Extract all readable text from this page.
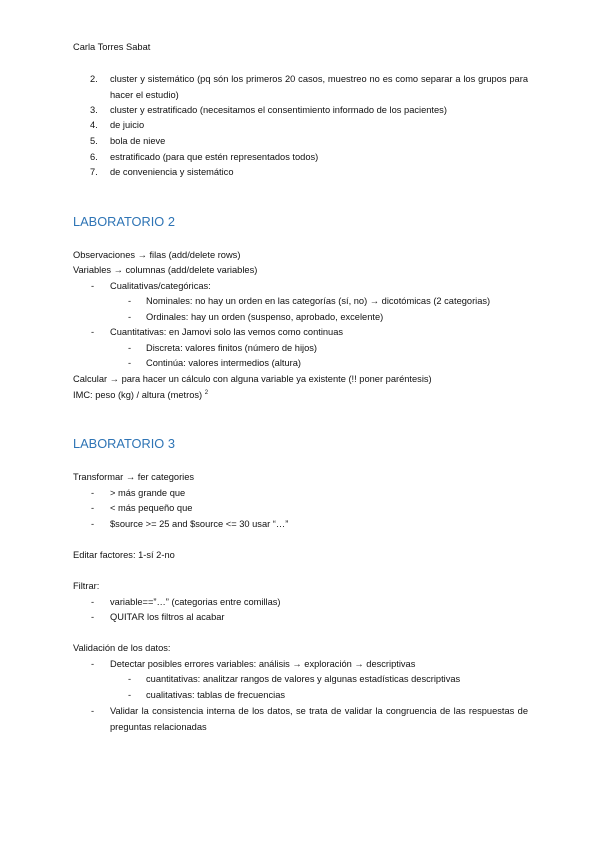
Carla Torres Sabat
2.	cluster y sistemático (pq són los primeros 20 casos, muestreo no es como separar a los grupos para hacer el estudio)
3.	cluster y estratificado (necesitamos el consentimiento informado de los pacientes)
4.	de juicio
5.	bola de nieve
6.	estratificado (para que estén representados todos)
7.	de conveniencia y sistemático
LABORATORIO 2
Observaciones → filas (add/delete rows)
Variables → columnas (add/delete variables)
- Cualitativas/categóricas:
- Nominales: no hay un orden en las categorías (sí, no) → dicotómicas (2 categorias)
- Ordinales: hay un orden (suspenso, aprobado, excelente)
- Cuantitativas: en Jamovi solo las vemos como continuas
- Discreta: valores finitos (número de hijos)
- Continúa: valores intermedios (altura)
Calcular → para hacer un cálculo con alguna variable ya existente (!! poner paréntesis)
IMC: peso (kg) / altura (metros) $^2$
LABORATORIO 3
Transformar → fer categories
- > más grande que
- < más pequeño que
- $source >= 25 and $source <= 30 usar “…”
Editar factores: 1-sí 2-no
Filtrar:
- variable==”…” (categorias entre comillas)
- QUITAR los filtros al acabar
Validación de los datos:
- Detectar posibles errores variables: análisis → exploración → descriptivas
- cuantitativas: analitzar rangos de valores y algunas estadísticas descriptivas
- cualitativas: tablas de frecuencias
- Validar la consistencia interna de los datos, se trata de validar la congruencia de las respuestas de preguntas relacionadas
